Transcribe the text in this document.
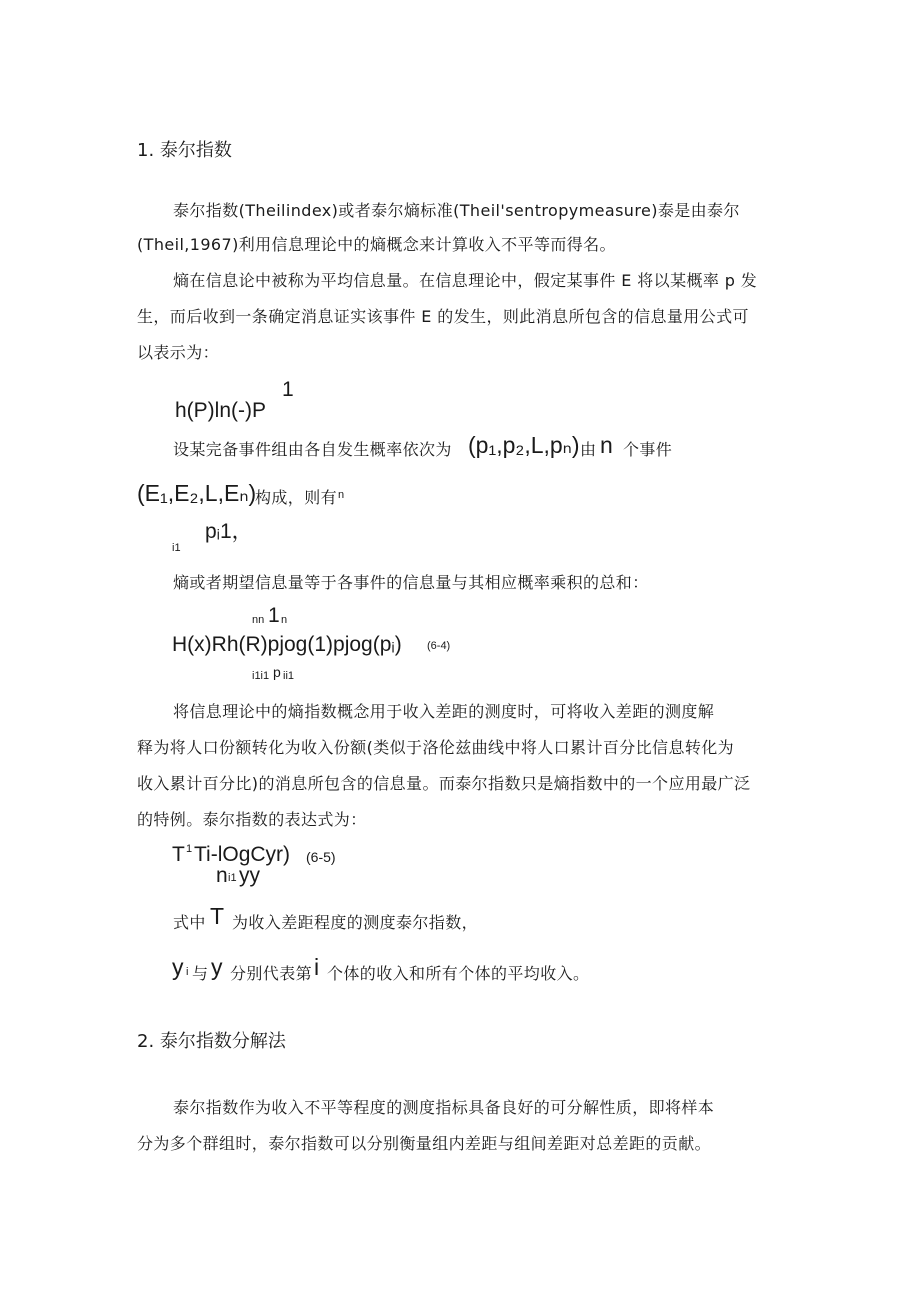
1. 泰尔指数
泰尔指数(Theilindex)或者泰尔熵标准(Theil'sentropymeasure)泰是由泰尔
(Theil,1967)利用信息理论中的熵概念来计算收入不平等而得名。
熵在信息论中被称为平均信息量。在信息理论中，假定某事件 E 将以某概率 p 发
生，而后收到一条确定消息证实该事件 E 的发生，则此消息所包含的信息量用公式可
以表示为：
h(P)ln(-)P
1
设某完备事件组由各自发生概率依次为 (p₁,p₂,L,pₙ) 由 n 个事件
(E₁,E₂,L,Eₙ)
构成，则有 n
pᵢ1，
i1
熵或者期望信息量等于各事件的信息量与其相应概率乘积的总和：
nn 1 n
H(x)Rh(R)pjog(1)pjog(pᵢ) (6-4)
i1i1 p ii1
将信息理论中的熵指数概念用于收入差距的测度时，可将收入差距的测度解
释为将人口份额转化为收入份额(类似于洛伦兹曲线中将人口累计百分比信息转化为
收入累计百分比)的消息所包含的信息量。而泰尔指数只是熵指数中的一个应用最广泛
的特例。泰尔指数的表达式为：
T 1 Ti-lOgCyr) (6-5)
n i1 yy
式中 T 为收入差距程度的测度泰尔指数，
y i 与 y 分别代表第 i 个体的收入和所有个体的平均收入。
2. 泰尔指数分解法
泰尔指数作为收入不平等程度的测度指标具备良好的可分解性质，即将样本
分为多个群组时，泰尔指数可以分别衡量组内差距与组间差距对总差距的贡献。
